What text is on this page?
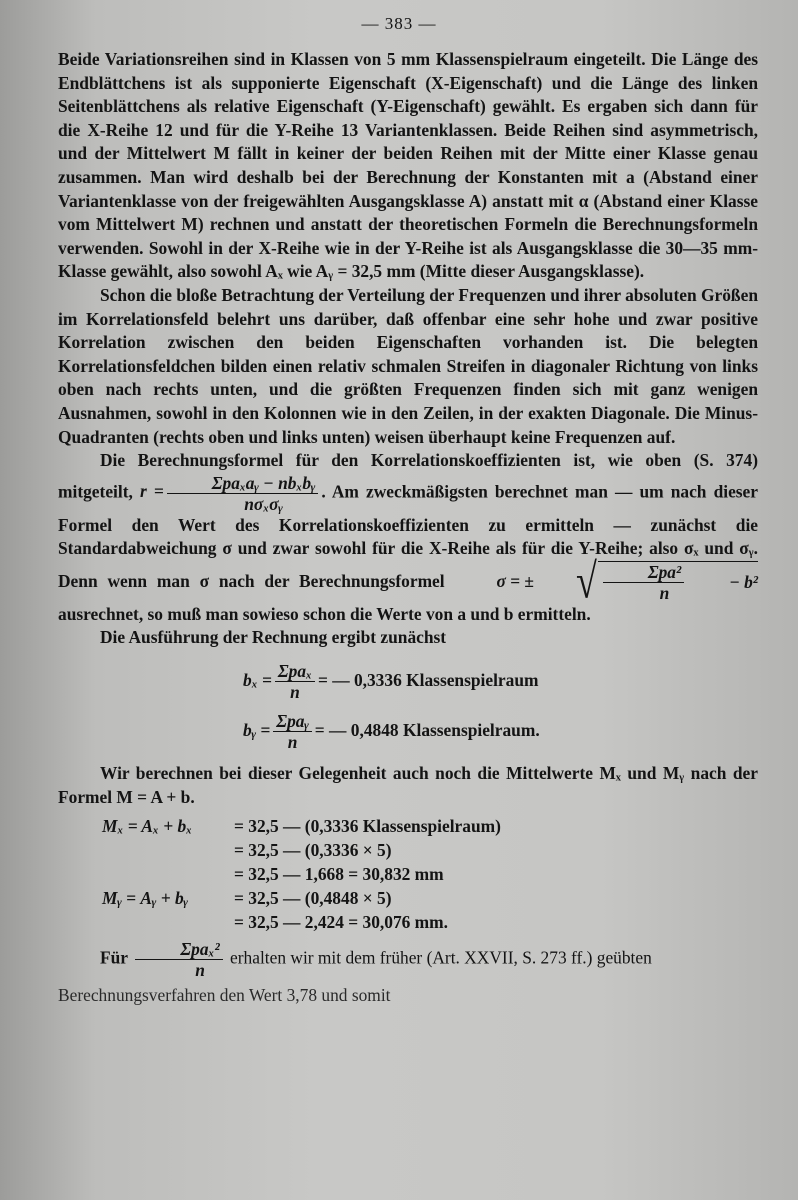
— 383 —

Beide Variationsreihen sind in Klassen von 5 mm Klassenspielraum eingeteilt. Die Länge des Endblättchens ist als supponierte Eigenschaft (X-Eigenschaft) und die Länge des linken Seitenblättchens als relative Eigenschaft (Y-Eigenschaft) gewählt. Es ergaben sich dann für die X-Reihe 12 und für die Y-Reihe 13 Variantenklassen. Beide Reihen sind asymmetrisch, und der Mittelwert M fällt in keiner der beiden Reihen mit der Mitte einer Klasse genau zusammen. Man wird deshalb bei der Berechnung der Konstanten mit a (Abstand einer Variantenklasse von der freigewählten Ausgangsklasse A) anstatt mit α (Abstand einer Klasse vom Mittelwert M) rechnen und anstatt der theoretischen Formeln die Berechnungsformeln verwenden. Sowohl in der X-Reihe wie in der Y-Reihe ist als Ausgangsklasse die 30—35 mm-Klasse gewählt, also sowohl Aₓ wie Aᵧ = 32,5 mm (Mitte dieser Ausgangsklasse).

Schon die bloße Betrachtung der Verteilung der Frequenzen und ihrer absoluten Größen im Korrelationsfeld belehrt uns darüber, daß offenbar eine sehr hohe und zwar positive Korrelation zwischen den beiden Eigenschaften vorhanden ist. Die belegten Korrelationsfeldchen bilden einen relativ schmalen Streifen in diagonaler Richtung von links oben nach rechts unten, und die größten Frequenzen finden sich mit ganz wenigen Ausnahmen, sowohl in den Kolonnen wie in den Zeilen, in der exakten Diagonale. Die Minus-Quadranten (rechts oben und links unten) weisen überhaupt keine Frequenzen auf.

Die Berechnungsformel für den Korrelationskoeffizienten ist, wie oben (S. 374) mitgeteilt, $r = \frac{\text{Σpaₓaᵧ − nbₓbᵧ}}{\text{nσₓσᵧ}}$ . Am zweckmäßigsten berechnet man — um nach dieser Formel den Wert des Korrelationskoeffizienten zu ermitteln — zunächst die Standardabweichung σ und zwar sowohl für die X-Reihe als für die Y-Reihe; also σₓ und σᵧ. Denn wenn man σ nach der Berechnungsformel	σ = ±	√ $\frac{\text{Σpa²}}{n}$	− b²
ausrechnet, so muß man sowieso schon die Werte von a und b ermitteln.

Die Ausführung der Rechnung ergibt zunächst

$b_x = \frac{\text{Σpaₓ}}{n}$ = — 0,3336 Klassenspielraum
bᵧ = $\frac{\text{Σpaᵧ}}{n}$ = — 0,4848 Klassenspielraum.

Wir berechnen bei dieser Gelegenheit auch noch die Mittelwerte Mₓ und Mᵧ nach der Formel M = A + b.

Mₓ = Aₓ + bₓ	= 32,5 — (0,3336 Klassenspielraum)
= 32,5 — (0,3336 × 5)
= 32,5 — 1,668 = 30,832 mm
Mᵧ = Aᵧ + bᵧ	= 32,5 — (0,4848 × 5)
= 32,5 — 2,424 = 30,076 mm.

Für $\frac{\text{Σpaₓ²}}{n}$ erhalten wir mit dem früher (Art. XXVII, S. 273 ff.) geübten

Berechnungsverfahren den Wert 3,78 und somit
